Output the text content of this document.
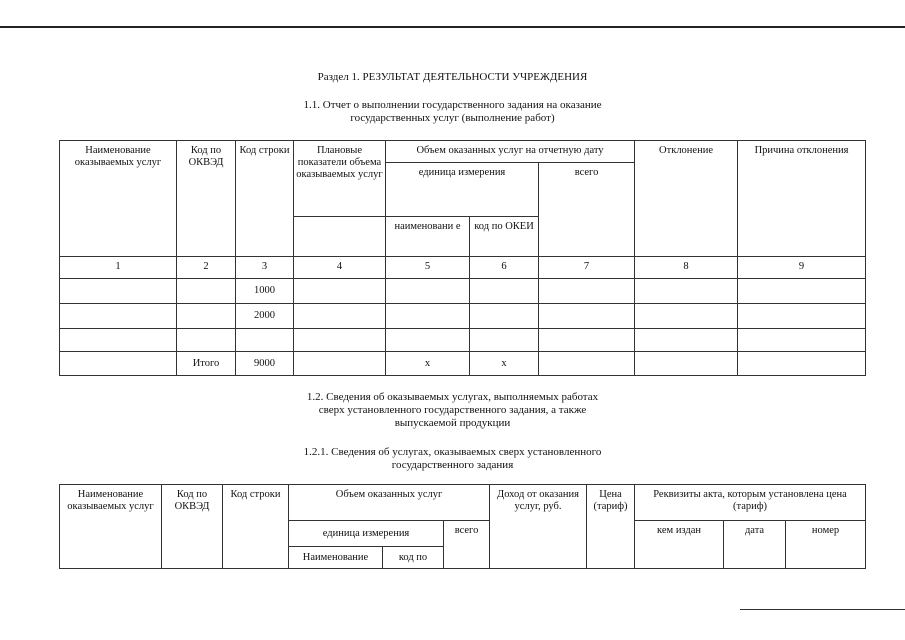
Раздел 1. РЕЗУЛЬТАТ ДЕЯТЕЛЬНОСТИ УЧРЕЖДЕНИЯ
1.1. Отчет о выполнении государственного задания на оказание
государственных услуг (выполнение работ)
Наименование оказываемых услуг	Код по ОКВЭД	Код строки	Плановые показатели объема оказываемых услуг	Объем оказанных услуг на отчетную дату			Отклонение	Причина отклонения
				единица измерения		всего		
				наименовани е	код по ОКЕИ			
1	2	3	4	5	6	7	8	9
		1000						
		2000						

	Итого	9000		x	x			
1.2. Сведения об оказываемых услугах, выполняемых работах
сверх установленного государственного задания, а также
выпускаемой продукции
1.2.1. Сведения об услугах, оказываемых сверх установленного
государственного задания
Наименование оказываемых услуг	Код по ОКВЭД	Код строки	Объем оказанных услуг			Доход от оказания услуг, руб.	Цена (тариф)	Реквизиты акта, которым установлена цена (тариф)		
			единица измерения		всего			кем издан	дата	номер
			Наименование	код по						
